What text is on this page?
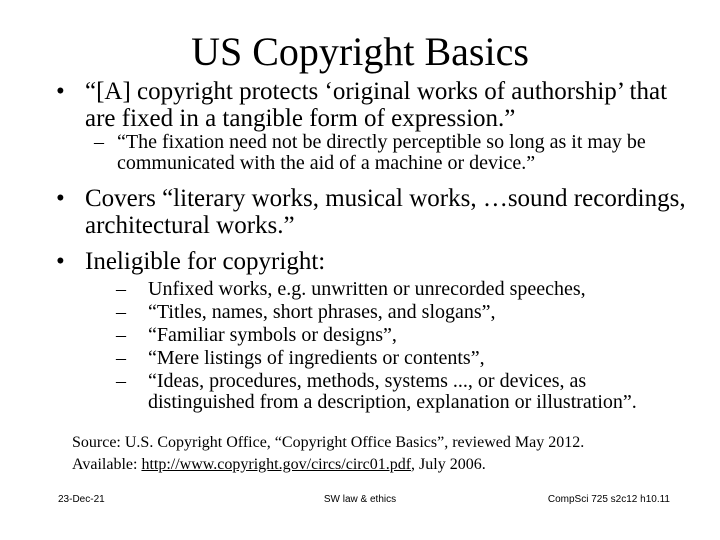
US Copyright Basics
• “[A] copyright protects ‘original works of authorship’ that are fixed in a tangible form of expression.”
– “The fixation need not be directly perceptible so long as it may be communicated with the aid of a machine or device.”
• Covers “literary works, musical works, …sound recordings, architectural works.”
• Ineligible for copyright:
– Unfixed works, e.g. unwritten or unrecorded speeches,
– “Titles, names, short phrases, and slogans”,
– “Familiar symbols or designs”,
– “Mere listings of ingredients or contents”,
– “Ideas, procedures, methods, systems ..., or devices, as distinguished from a description, explanation or illustration”.
Source: U.S. Copyright Office, “Copyright Office Basics”, reviewed May 2012.
Available: http://www.copyright.gov/circs/circ01.pdf, July 2006.
23-Dec-21	SW law & ethics	CompSci 725 s2c12 h10.11
